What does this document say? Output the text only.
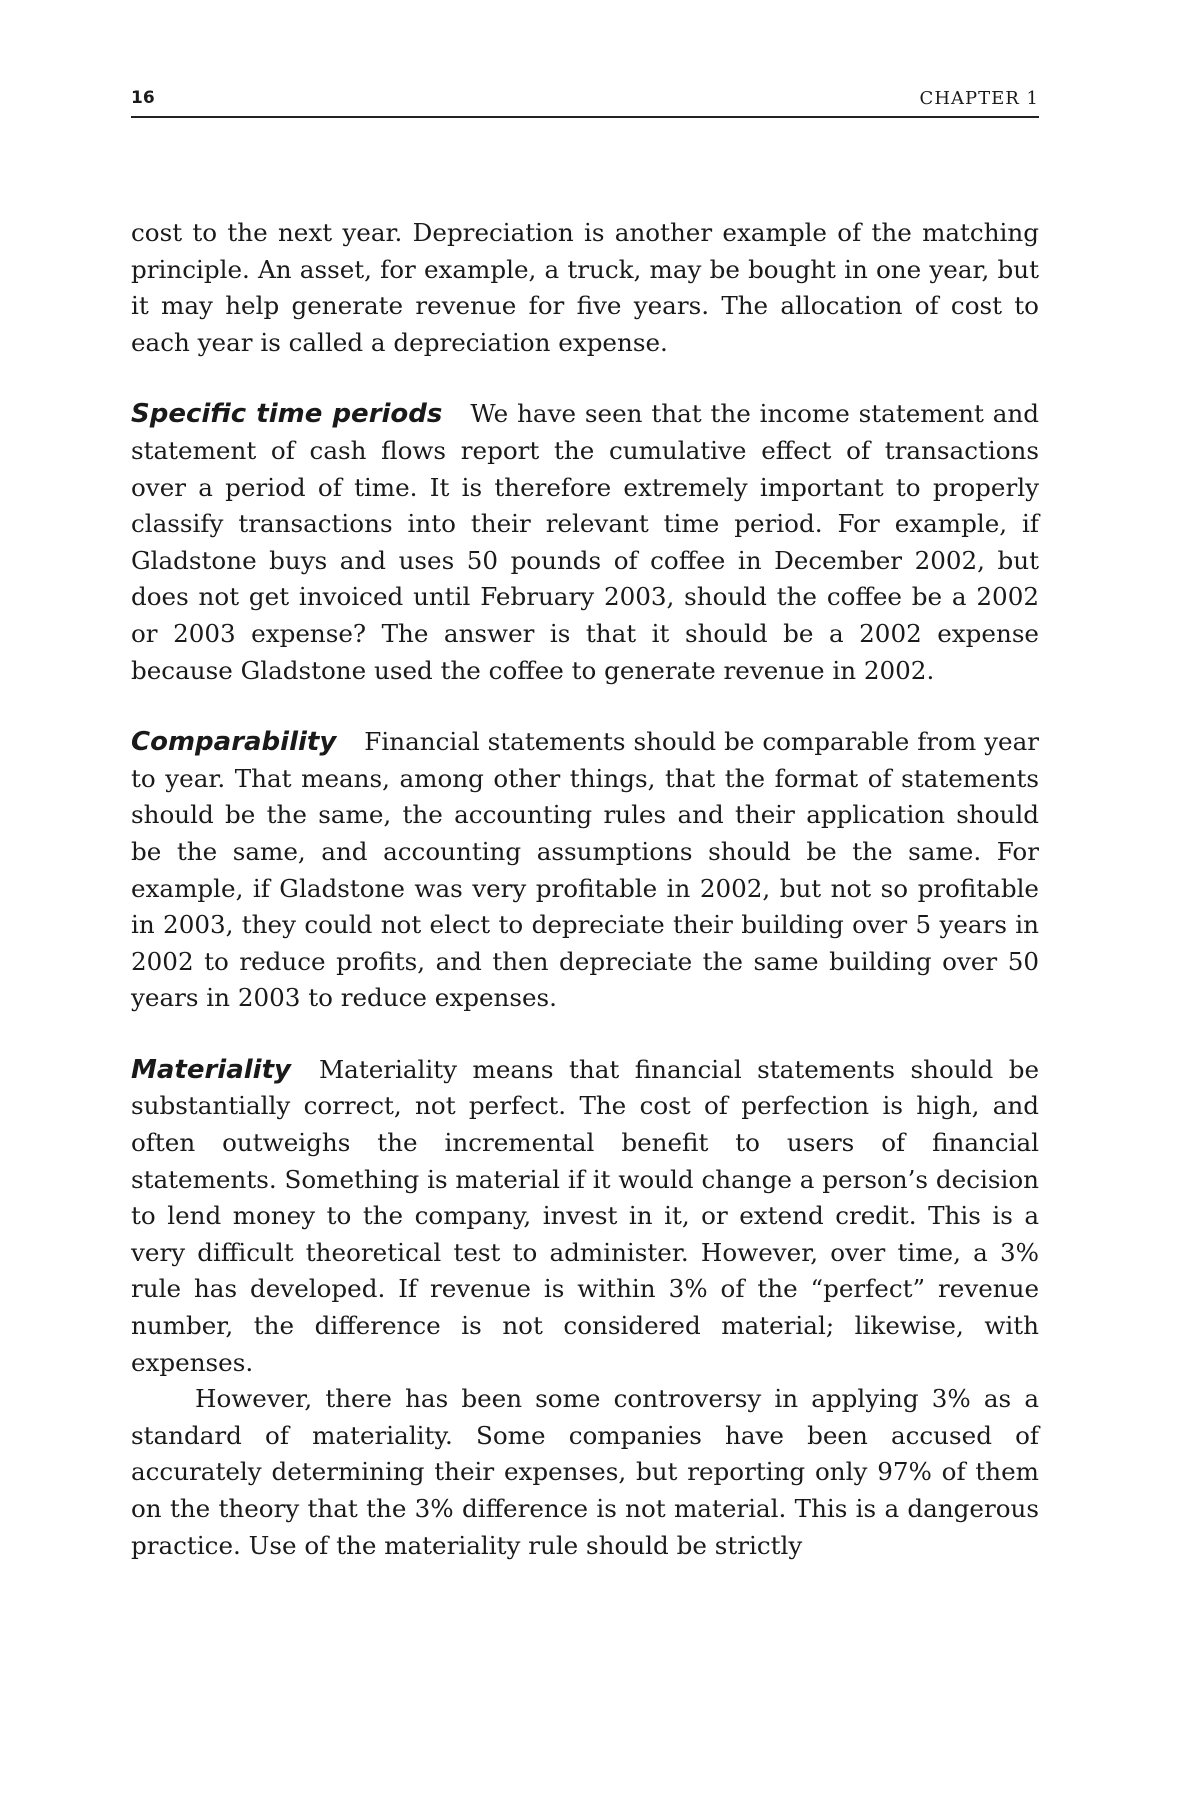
16	CHAPTER 1

cost to the next year. Depreciation is another example of the matching principle. An asset, for example, a truck, may be bought in one year, but it may help generate revenue for five years. The allocation of cost to each year is called a depreciation expense.

Specific time periods We have seen that the income statement and statement of cash flows report the cumulative effect of transactions over a period of time. It is therefore extremely important to properly classify transactions into their relevant time period. For example, if Gladstone buys and uses 50 pounds of coffee in December 2002, but does not get invoiced until February 2003, should the coffee be a 2002 or 2003 expense? The answer is that it should be a 2002 expense because Gladstone used the coffee to generate revenue in 2002.

Comparability Financial statements should be comparable from year to year. That means, among other things, that the format of statements should be the same, the accounting rules and their application should be the same, and accounting assumptions should be the same. For example, if Gladstone was very profitable in 2002, but not so profitable in 2003, they could not elect to depreciate their building over 5 years in 2002 to reduce profits, and then depreciate the same building over 50 years in 2003 to reduce expenses.

Materiality Materiality means that financial statements should be substantially correct, not perfect. The cost of perfection is high, and often outweighs the incremental benefit to users of financial statements. Something is material if it would change a person’s decision to lend money to the company, invest in it, or extend credit. This is a very difficult theoretical test to administer. However, over time, a 3% rule has developed. If revenue is within 3% of the “perfect” revenue number, the difference is not considered material; likewise, with expenses.

However, there has been some controversy in applying 3% as a standard of materiality. Some companies have been accused of accurately determining their expenses, but reporting only 97% of them on the theory that the 3% difference is not material. This is a dangerous practice. Use of the materiality rule should be strictly
